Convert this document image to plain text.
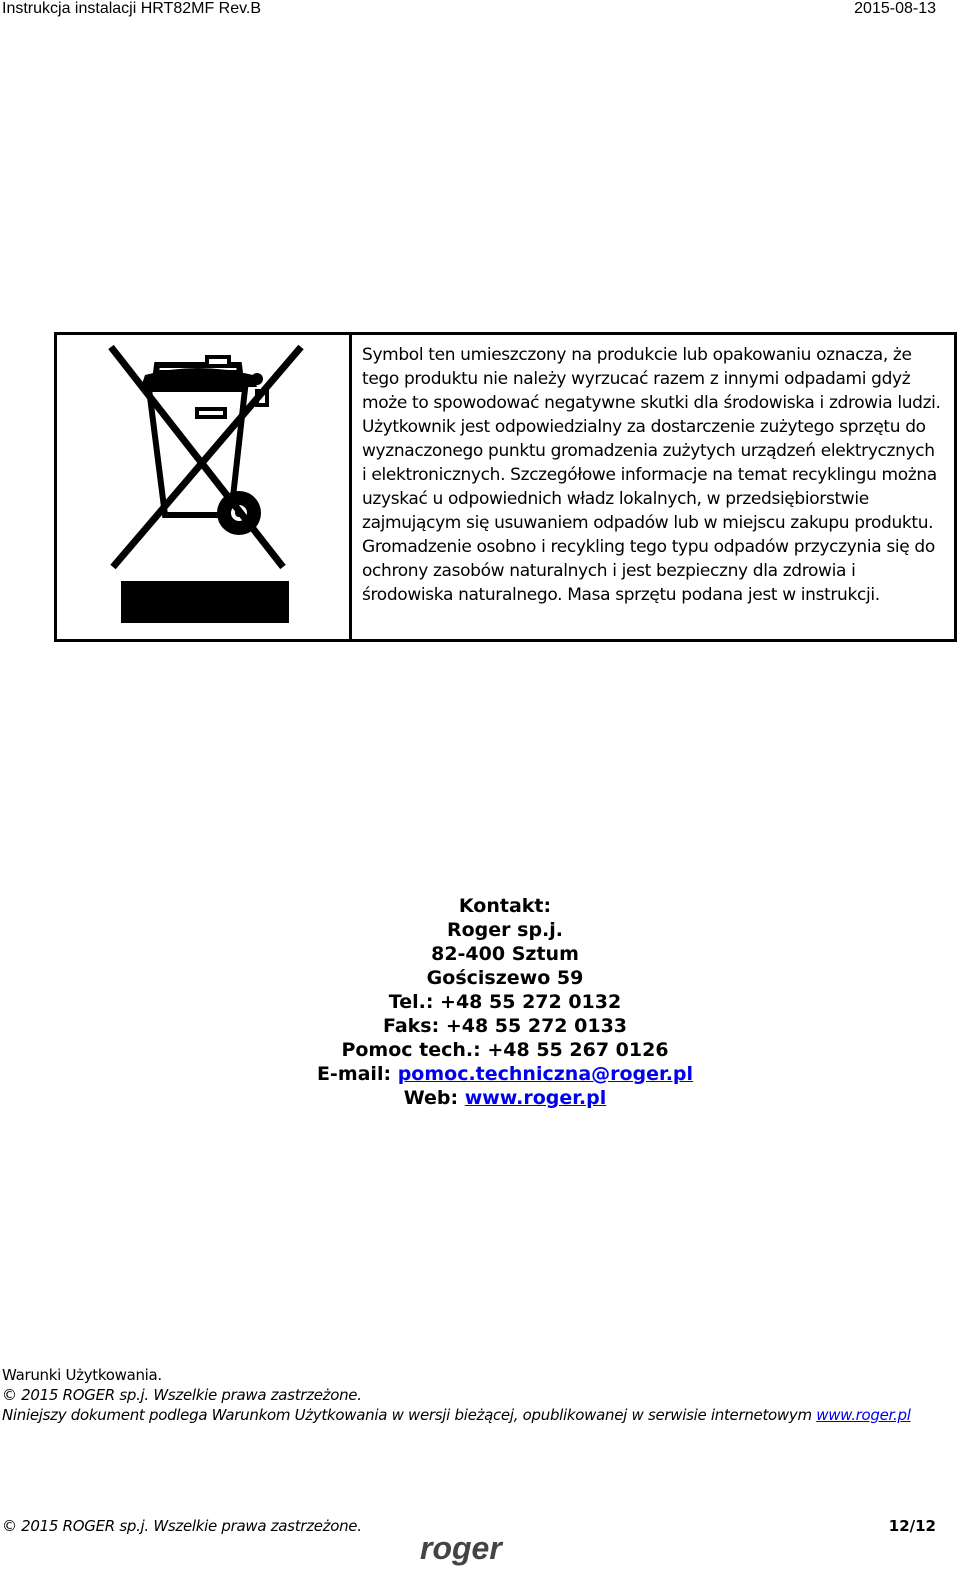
Instrukcja instalacji HRT82MF Rev.B	2015-08-13

Symbol ten umieszczony na produkcie lub opakowaniu oznacza, że tego produktu nie należy wyrzucać razem z innymi odpadami gdyż może to spowodować negatywne skutki dla środowiska i zdrowia ludzi. Użytkownik jest odpowiedzialny za dostarczenie zużytego sprzętu do wyznaczonego punktu gromadzenia zużytych urządzeń elektrycznych i elektronicznych. Szczegółowe informacje na temat recyklingu można uzyskać u odpowiednich władz lokalnych, w przedsiębiorstwie zajmującym się usuwaniem odpadów lub w miejscu zakupu produktu. Gromadzenie osobno i recykling tego typu odpadów przyczynia się do ochrony zasobów naturalnych i jest bezpieczny dla zdrowia i środowiska naturalnego. Masa sprzętu podana jest w instrukcji.

Kontakt:
Roger sp.j.
82-400 Sztum
Gościszewo 59
Tel.: +48 55 272 0132
Faks: +48 55 272 0133
Pomoc tech.: +48 55 267 0126
E-mail: pomoc.techniczna@roger.pl
Web: www.roger.pl
Warunki Użytkowania.
© 2015 ROGER sp.j. Wszelkie prawa zastrzeżone.
Niniejszy dokument podlega Warunkom Użytkowania w wersji bieżącej, opublikowanej w serwisie internetowym www.roger.pl
© 2015 ROGER sp.j. Wszelkie prawa zastrzeżone.	12/12
roger
